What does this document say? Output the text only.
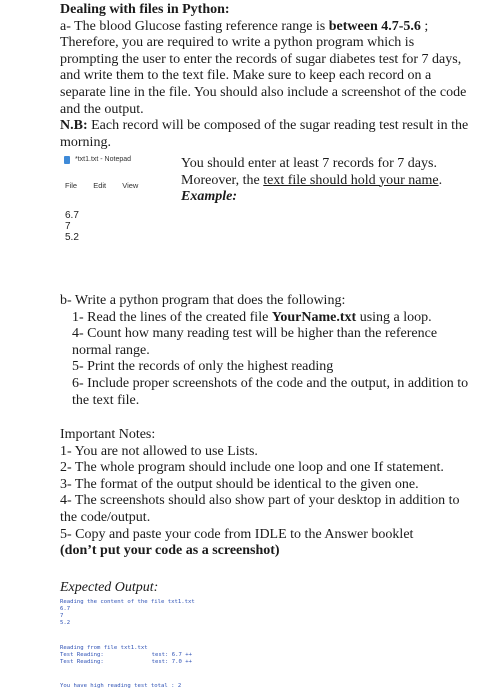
Dealing with files in Python:

a- The blood Glucose fasting reference range is between 4.7-5.6 ;

Therefore, you are required to write a python program which is prompting the user to enter the records of sugar diabetes test for 7 days, and write them to the text file. Make sure to keep each record on a separate line in the file. You should also include a screenshot of the code and the output.

N.B: Each record will be composed of the sugar reading test result in the morning.

*txt1.txt - Notepad
File Edit View
6.7
7
5.2

You should enter at least 7 records for 7 days.

Moreover, the text file should hold your name.

Example:

b- Write a python program that does the following:

1- Read the lines of the created file YourName.txt using a loop.

4- Count how many reading test will be higher than the reference normal range.

5- Print the records of only the highest reading

6- Include proper screenshots of the code and the output, in addition to the text file.

Important Notes:

1- You are not allowed to use Lists.

2- The whole program should include one loop and one If statement.

3- The format of the output should be identical to the given one.

4- The screenshots should also show part of your desktop in addition to the code/output.

5- Copy and paste your code from IDLE to the Answer booklet

(don’t put your code as a screenshot)

Expected Output:
Reading the content of the file txt1.txt
6.7
7
5.2
Reading from file txt1.txt
Test Reading:	test: 6.7 ++
Test Reading:	test: 7.0 ++
You have high reading test total : 2
